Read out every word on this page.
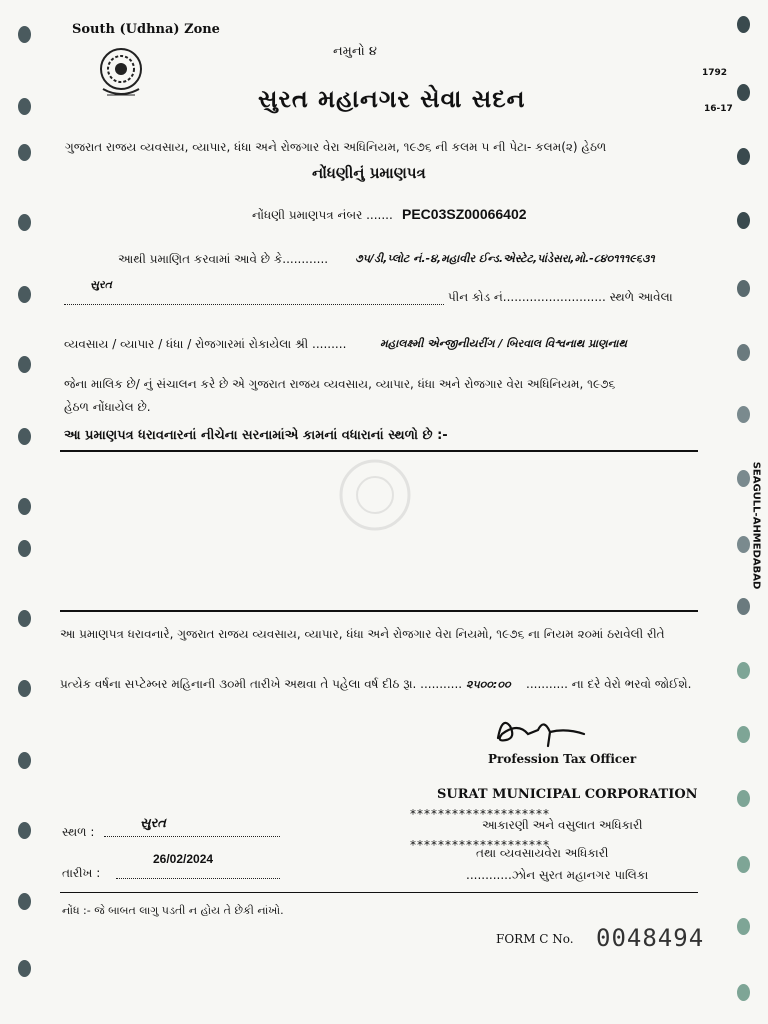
South (Udhna) Zone
નમુનો ૪
સુરત મહાનગર સેવા સદન
1792
16-17
ગુજરાત રાજય વ્યવસાય, વ્યાપાર, ધંધા અને રોજગાર વેરા અધિનિયમ, ૧૯૭૬ ની કલમ ૫ ની પેટા- કલમ(૨) હેઠળ
નોંધણીનું પ્રમાણપત્ર
નોંધણી પ્રમાણપત્ર નંબર ....... PEC03SZ00066402
આથી પ્રમાણિત કરવામાં આવે છે કે............ ૭૫/ડી,પ્લોટ નં.-૪,મહાવીર ઈન્ડ.એસ્ટેટ,પાંડેસરા,મો.-૮૪૦૧૧૧૯૬૩૧
સુરત
પીન કોડ નં........................... સ્થળે આવેલા
વ્યવસાય / વ્યાપાર / ધંધા / રોજગારમાં રોકાયેલા શ્રી .........	મહાલક્ષ્મી એન્જીનીયરીંગ / બિરવાલ વિશ્વનાથ પ્રાણનાથ
જેના માલિક છે/ નું સંચાલન કરે છે એ ગુજરાત રાજય વ્યવસાય, વ્યાપાર, ધંધા અને રોજગાર વેરા અધિનિયમ, ૧૯૭૬
હેઠળ નોંધાયેલ છે.
આ પ્રમાણપત્ર ધરાવનારનાં નીચેના સરનામાંએ કામનાં વધારાનાં સ્થળો છે :-
આ પ્રમાણપત્ર ધરાવનારે, ગુજરાત રાજય વ્યવસાય, વ્યાપાર, ધંધા અને રોજગાર વેરા નિયમો, ૧૯૭૬ ના નિયમ ૨૦માં ઠરાવેલી રીતે
પ્રત્યેક વર્ષના સપ્ટેમ્બર મહિનાની ૩૦મી તારીખે અથવા તે પહેલા વર્ષ દીઠ રૂા. ........... ૨૫૦૦:૦૦ ........... ના દરે વેરો ભરવો જોઈશે.
Profession Tax Officer
SURAT MUNICIPAL CORPORATION
********************
આકારણી અને વસુલાત અધિકારી
********************
તથા વ્યવસાયવેરા અધિકારી
............ઝોન સુરત મહાનગર પાલિકા
સ્થળ :
સુરત
તારીખ :
26/02/2024
નોંધ :- જે બાબત લાગુ પડતી ન હોય તે છેકી નાંખો.
FORM C No. 0048494
SEAGULL-AHMEDABAD
